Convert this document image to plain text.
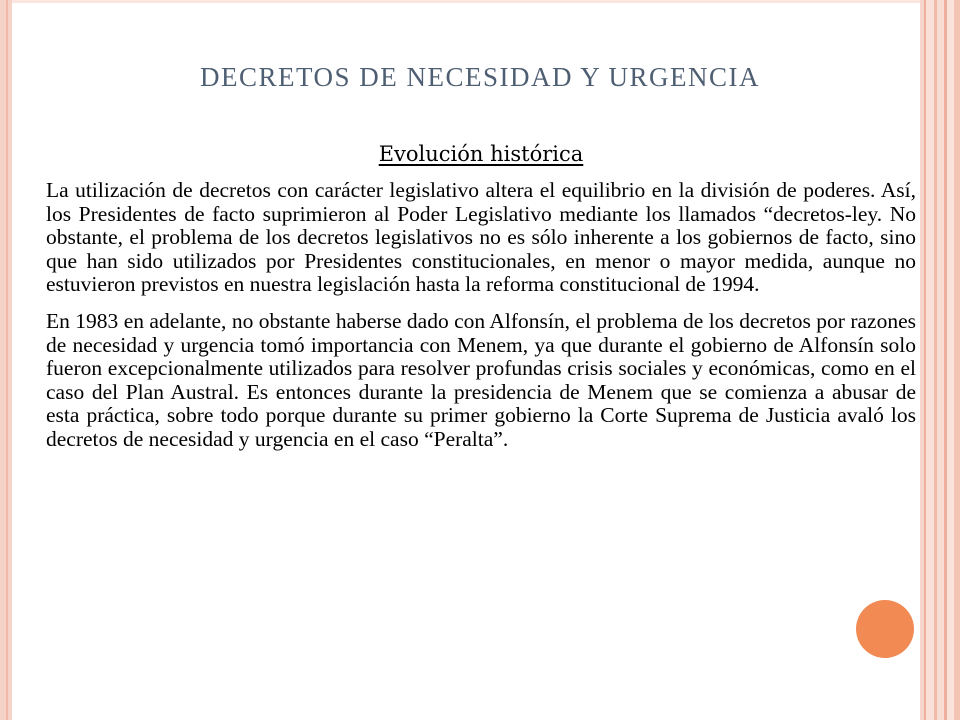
DECRETOS DE NECESIDAD Y URGENCIA
Evolución histórica

La utilización de decretos con carácter legislativo altera el equilibrio en la división de poderes. Así, los Presidentes de facto suprimieron al Poder Legislativo mediante los llamados “decretos-ley. No obstante, el problema de los decretos legislativos no es sólo inherente a los gobiernos de facto, sino que han sido utilizados por Presidentes constitucionales, en menor o mayor medida, aunque no estuvieron previstos en nuestra legislación hasta la reforma constitucional de 1994.

En 1983 en adelante, no obstante haberse dado con Alfonsín, el problema de los decretos por razones de necesidad y urgencia tomó importancia con Menem, ya que durante el gobierno de Alfonsín solo fueron excepcionalmente utilizados para resolver profundas crisis sociales y económicas, como en el caso del Plan Austral. Es entonces durante la presidencia de Menem que se comienza a abusar de esta práctica, sobre todo porque durante su primer gobierno la Corte Suprema de Justicia avaló los decretos de necesidad y urgencia en el caso “Peralta”.
